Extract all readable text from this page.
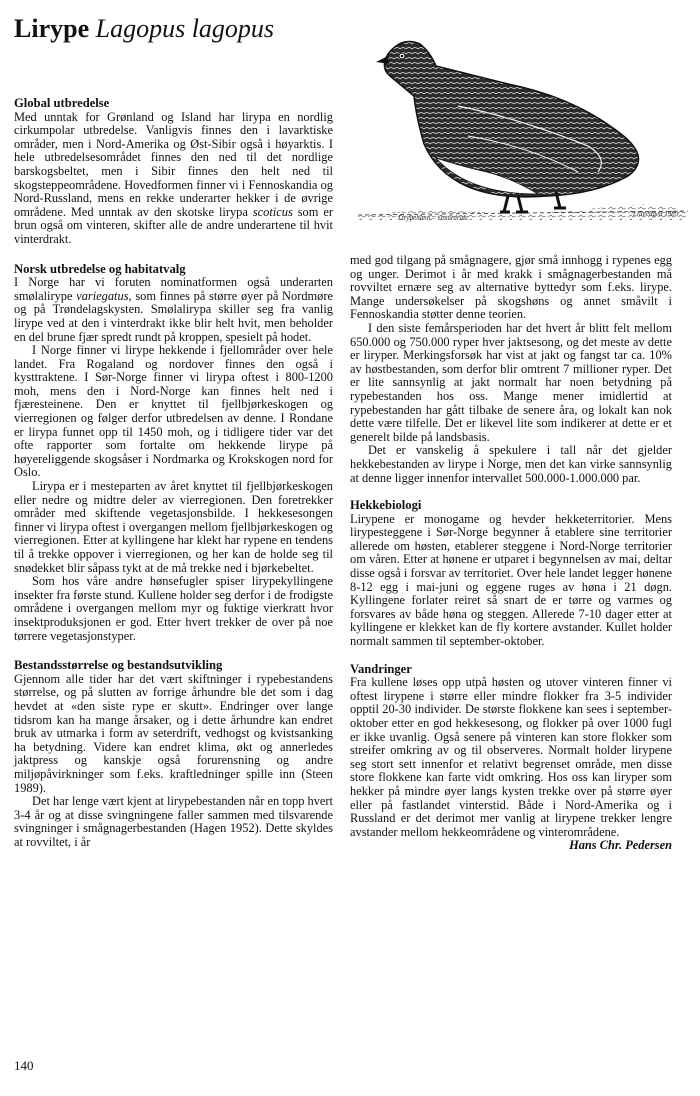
Lirype Lagopus lagopus
Lirypehann – vinterdrakt	Lilleengen 1989
Global utbredelse

Med unntak for Grønland og Island har lirypa en nordlig cirkumpolar utbredelse. Vanligvis finnes den i lavarktiske områder, men i Nord-Amerika og Øst-Sibir også i høyarktis. I hele utbredelsesområdet finnes den ned til det nordlige barskogsbeltet, men i Sibir finnes den helt ned til skogsteppeområdene. Hovedformen finner vi i Fennoskandia og Nord-Russland, mens en rekke underarter hekker i de øvrige områdene. Med unntak av den skotske lirypa scoticus som er brun også om vinteren, skifter alle de andre underartene til hvit vinterdrakt.

Norsk utbredelse og habitatvalg

I Norge har vi foruten nominatformen også underarten smølalirype variegatus, som finnes på større øyer på Nordmøre og på Trøndelagskysten. Smølalirypa skiller seg fra vanlig lirype ved at den i vinterdrakt ikke blir helt hvit, men beholder en del brune fjær spredt rundt på kroppen, spesielt på hodet.

I Norge finner vi lirype hekkende i fjellområder over hele landet. Fra Rogaland og nordover finnes den også i kysttraktene. I Sør-Norge finner vi lirypa oftest i 800-1200 moh, mens den i Nord-Norge kan finnes helt ned i fjæresteinene. Den er knyttet til fjellbjørkeskogen og vierregionen og følger derfor utbredelsen av denne. I Rondane er lirypa funnet opp til 1450 moh, og i tidligere tider var det ofte rapporter som fortalte om hekkende lirype på høyereliggende skogsåser i Nordmarka og Krokskogen nord for Oslo.

Lirypa er i mesteparten av året knyttet til fjellbjørkeskogen eller nedre og midtre deler av vierregionen. Den foretrekker områder med skiftende vegetasjonsbilde. I hekkesesongen finner vi lirypa oftest i overgangen mellom fjellbjørkeskogen og vierregionen. Etter at kyllingene har klekt har rypene en tendens til å trekke oppover i vierregionen, og her kan de holde seg til snødekket blir såpass tykt at de må trekke ned i bjørkebeltet.

Som hos våre andre hønsefugler spiser lirypekyllingene insekter fra første stund. Kullene holder seg derfor i de frodigste områdene i overgangen mellom myr og fuktige vierkratt hvor insektproduksjonen er god. Etter hvert trekker de over på noe tørrere vegetasjonstyper.

Bestandsstørrelse og bestandsutvikling

Gjennom alle tider har det vært skiftninger i rypebestandens størrelse, og på slutten av forrige århundre ble det som i dag hevdet at «den siste rype er skutt». Endringer over lange tidsrom kan ha mange årsaker, og i dette århundre kan endret bruk av utmarka i form av seterdrift, vedhogst og kvistsanking ha betydning. Videre kan endret klima, økt og annerledes jaktpress og kanskje også forurensning og andre miljøpåvirkninger som f.eks. kraftledninger spille inn (Steen 1989).

Det har lenge vært kjent at lirypebestanden når en topp hvert 3-4 år og at disse svingningene faller sammen med tilsvarende svingninger i smågnagerbestanden (Hagen 1952). Dette skyldes at rovviltet, i år

med god tilgang på smågnagere, gjør små innhogg i rypenes egg og unger. Derimot i år med krakk i smågnagerbestanden må rovviltet ernære seg av alternative byttedyr som f.eks. lirype. Mange undersøkelser på skogshøns og annet småvilt i Fennoskandia støtter denne teorien.

I den siste femårsperioden har det hvert år blitt felt mellom 650.000 og 750.000 ryper hver jaktsesong, og det meste av dette er liryper. Merkingsforsøk har vist at jakt og fangst tar ca. 10% av høstbestanden, som derfor blir omtrent 7 millioner ryper. Det er lite sannsynlig at jakt normalt har noen betydning på rypebestanden hos oss. Mange mener imidlertid at rypebestanden har gått tilbake de senere åra, og lokalt kan nok dette være tilfelle. Det er likevel lite som indikerer at dette er et generelt bilde på landsbasis.

Det er vanskelig å spekulere i tall når det gjelder hekkebestanden av lirype i Norge, men det kan virke sannsynlig at denne ligger innenfor intervallet 500.000-1.000.000 par.

Hekkebiologi

Lirypene er monogame og hevder hekketerritorier. Mens lirypesteggene i Sør-Norge begynner å etablere sine territorier allerede om høsten, etablerer steggene i Nord-Norge territorier om våren. Etter at hønene er utparet i begynnelsen av mai, deltar disse også i forsvar av territoriet. Over hele landet legger hønene 8-12 egg i mai-juni og eggene ruges av høna i 21 døgn. Kyllingene forlater reiret så snart de er tørre og varmes og forsvares av både høna og steggen. Allerede 7-10 dager etter at kyllingene er klekket kan de fly kortere avstander. Kullet holder normalt sammen til september-oktober.

Vandringer

Fra kullene løses opp utpå høsten og utover vinteren finner vi oftest lirypene i større eller mindre flokker fra 3-5 individer opptil 20-30 individer. De største flokkene kan sees i september-oktober etter en god hekkesesong, og flokker på over 1000 fugl er ikke uvanlig. Også senere på vinteren kan store flokker som streifer omkring av og til observeres. Normalt holder lirypene seg stort sett innenfor et relativt begrenset område, men disse store flokkene kan farte vidt omkring. Hos oss kan liryper som hekker på mindre øyer langs kysten trekke over på større øyer eller på fastlandet vinterstid. Både i Nord-Amerika og i Russland er det derimot mer vanlig at lirypene trekker lengre avstander mellom hekkeområdene og vinterområdene.

Hans Chr. Pedersen

140
